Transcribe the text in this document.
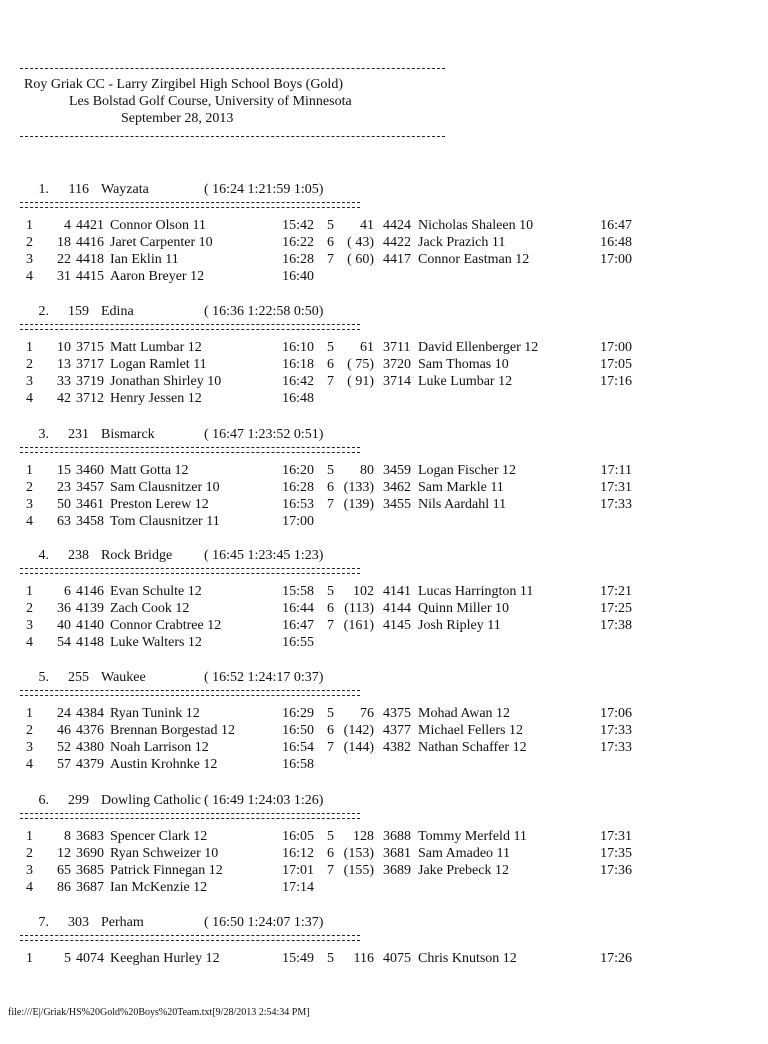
Roy Griak CC - Larry Zirgibel High School Boys (Gold)
Les Bolstad Golf Course, University of Minnesota
September 28, 2013
1. 116 Wayzata	( 16:24 1:21:59 1:05)
1 4 4421 Connor Olson 11	15:42 5 41 4424 Nicholas Shaleen 10	16:47
2 18 4416 Jaret Carpenter 10	16:22 6 ( 43) 4422 Jack Prazich 11	16:48
3 22 4418 Ian Eklin 11	16:28 7 ( 60) 4417 Connor Eastman 12	17:00
4 31 4415 Aaron Breyer 12	16:40
2. 159 Edina	( 16:36 1:22:58 0:50)
1 10 3715 Matt Lumbar 12	16:10 5 61 3711 David Ellenberger 12	17:00
2 13 3717 Logan Ramlet 11	16:18 6 ( 75) 3720 Sam Thomas 10	17:05
3 33 3719 Jonathan Shirley 10	16:42 7 ( 91) 3714 Luke Lumbar 12	17:16
4 42 3712 Henry Jessen 12	16:48
3. 231 Bismarck	( 16:47 1:23:52 0:51)
1 15 3460 Matt Gotta 12	16:20 5 80 3459 Logan Fischer 12	17:11
2 23 3457 Sam Clausnitzer 10	16:28 6 (133) 3462 Sam Markle 11	17:31
3 50 3461 Preston Lerew 12	16:53 7 (139) 3455 Nils Aardahl 11	17:33
4 63 3458 Tom Clausnitzer 11	17:00
4. 238 Rock Bridge ( 16:45 1:23:45 1:23)
1 6 4146 Evan Schulte 12	15:58 5 102 4141 Lucas Harrington 11	17:21
2 36 4139 Zach Cook 12	16:44 6 (113) 4144 Quinn Miller 10	17:25
3 40 4140 Connor Crabtree 12	16:47 7 (161) 4145 Josh Ripley 11	17:38
4 54 4148 Luke Walters 12	16:55
5. 255 Waukee	( 16:52 1:24:17 0:37)
1 24 4384 Ryan Tunink 12	16:29 5 76 4375 Mohad Awan 12	17:06
2 46 4376 Brennan Borgestad 12	16:50 6 (142) 4377 Michael Fellers 12	17:33
3 52 4380 Noah Larrison 12	16:54 7 (144) 4382 Nathan Schaffer 12	17:33
4 57 4379 Austin Krohnke 12	16:58
6. 299 Dowling Catholic ( 16:49 1:24:03 1:26)
1 8 3683 Spencer Clark 12	16:05 5 128 3688 Tommy Merfeld 11	17:31
2 12 3690 Ryan Schweizer 10	16:12 6 (153) 3681 Sam Amadeo 11	17:35
3 65 3685 Patrick Finnegan 12	17:01 7 (155) 3689 Jake Prebeck 12	17:36
4 86 3687 Ian McKenzie 12	17:14
7. 303 Perham	( 16:50 1:24:07 1:37)
1 5 4074 Keeghan Hurley 12	15:49 5 116 4075 Chris Knutson 12	17:26
file:///E|/Griak/HS%20Gold%20Boys%20Team.txt[9/28/2013 2:54:34 PM]
